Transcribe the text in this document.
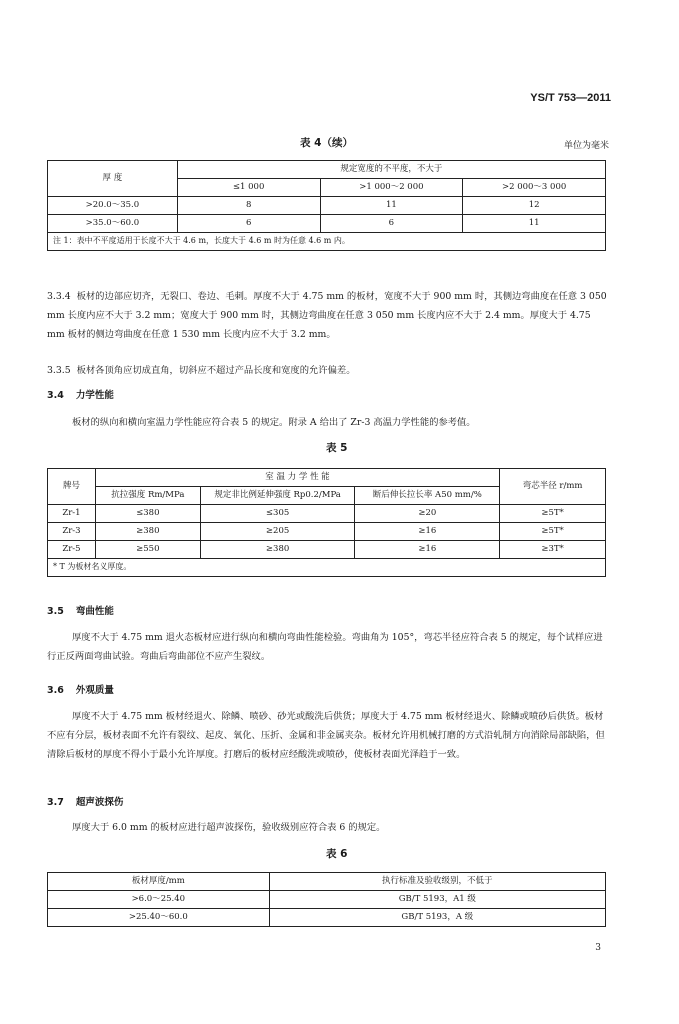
YS/T 753—2011
表 4（续）	单位为毫米
厚 度	规定宽度的不平度，不大于		
	≤1 000	>1 000～2 000	>2 000～3 000
>20.0～35.0	8	11	12
>35.0～60.0	6	6	11
注 1：表中不平度适用于长度不大于 4.6 m，长度大于 4.6 m 时为任意 4.6 m 内。			
3.3.4 板材的边部应切齐，无裂口、卷边、毛刺。厚度不大于 4.75 mm 的板材，宽度不大于 900 mm 时，其侧边弯曲度在任意 3 050 mm 长度内应不大于 3.2 mm；宽度大于 900 mm 时，其侧边弯曲度在任意 3 050 mm 长度内应不大于 2.4 mm。厚度大于 4.75 mm 板材的侧边弯曲度在任意 1 530 mm 长度内应不大于 3.2 mm。
3.3.5 板材各顶角应切成直角，切斜应不超过产品长度和宽度的允许偏差。
3.4 力学性能
板材的纵向和横向室温力学性能应符合表 5 的规定。附录 A 给出了 Zr-3 高温力学性能的参考值。
表 5
牌号	室 温 力 学 性 能			弯芯半径 r/mm
	抗拉强度 Rm/MPa	规定非比例延伸强度 Rp0.2/MPa	断后伸长拉长率 A50 mm/%	
Zr-1	≤380	≤305	≥20	≥5T*
Zr-3	≥380	≥205	≥16	≥5T*
Zr-5	≥550	≥380	≥16	≥3T*
* T 为板材名义厚度。				
3.5 弯曲性能
厚度不大于 4.75 mm 退火态板材应进行纵向和横向弯曲性能检验。弯曲角为 105°，弯芯半径应符合表 5 的规定，每个试样应进行正反两面弯曲试验。弯曲后弯曲部位不应产生裂纹。
3.6 外观质量
厚度不大于 4.75 mm 板材经退火、除鳞、喷砂、砂光或酸洗后供货；厚度大于 4.75 mm 板材经退火、除鳞或喷砂后供货。板材不应有分层，板材表面不允许有裂纹、起皮、氧化、压折、金属和非金属夹杂。板材允许用机械打磨的方式沿轧制方向消除局部缺陷，但清除后板材的厚度不得小于最小允许厚度。打磨后的板材应经酸洗或喷砂，使板材表面光泽趋于一致。
3.7 超声波探伤
厚度大于 6.0 mm 的板材应进行超声波探伤，验收级别应符合表 6 的规定。
表 6
板材厚度/mm	执行标准及验收级别，不低于
>6.0～25.40	GB/T 5193，A1 级
>25.40～60.0	GB/T 5193，A 级
3
